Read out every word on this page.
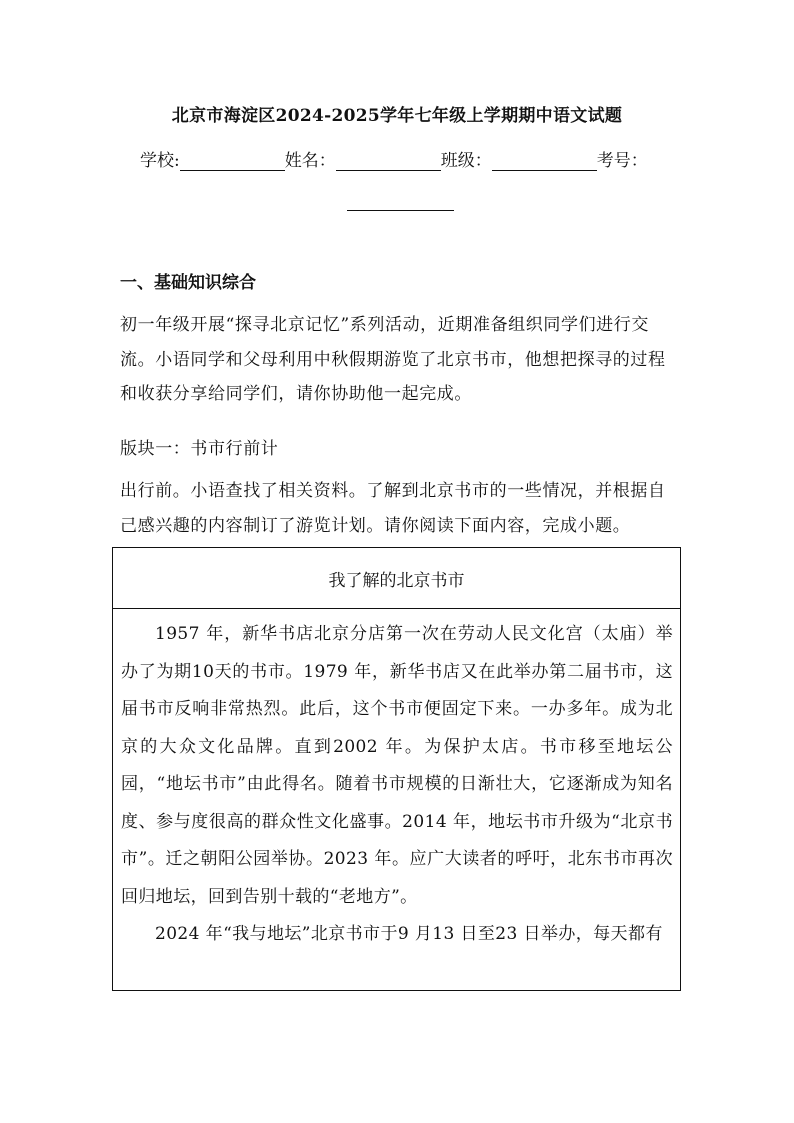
北京市海淀区2024-2025学年七年级上学期期中语文试题
学校:	姓名：	班级：	考号：
一、基础知识综合
初一年级开展“探寻北京记忆”系列活动，近期准备组织同学们进行交流。小语同学和父母利用中秋假期游览了北京书市，他想把探寻的过程和收获分享给同学们，请你协助他一起完成。
版块一：书市行前计
出行前。小语查找了相关资料。了解到北京书市的一些情况，并根据自己感兴趣的内容制订了游览计划。请你阅读下面内容，完成小题。
我了解的北京书市

1957 年，新华书店北京分店第一次在劳动人民文化宫（太庙）举办了为期10天的书市。1979 年，新华书店又在此举办第二届书市，这届书市反响非常热烈。此后，这个书市便固定下来。一办多年。成为北京的大众文化品牌。直到2002 年。为保护太店。书市移至地坛公园，“地坛书市”由此得名。随着书市规模的日渐壮大，它逐渐成为知名度、参与度很高的群众性文化盛事。2014 年，地坛书市升级为“北京书市”。迁之朝阳公园举协。2023 年。应广大读者的呼吁，北东书市再次回归地坛，回到告别十载的“老地方”。

2024 年“我与地坛”北京书市于9 月13 日至23 日举办，每天都有
